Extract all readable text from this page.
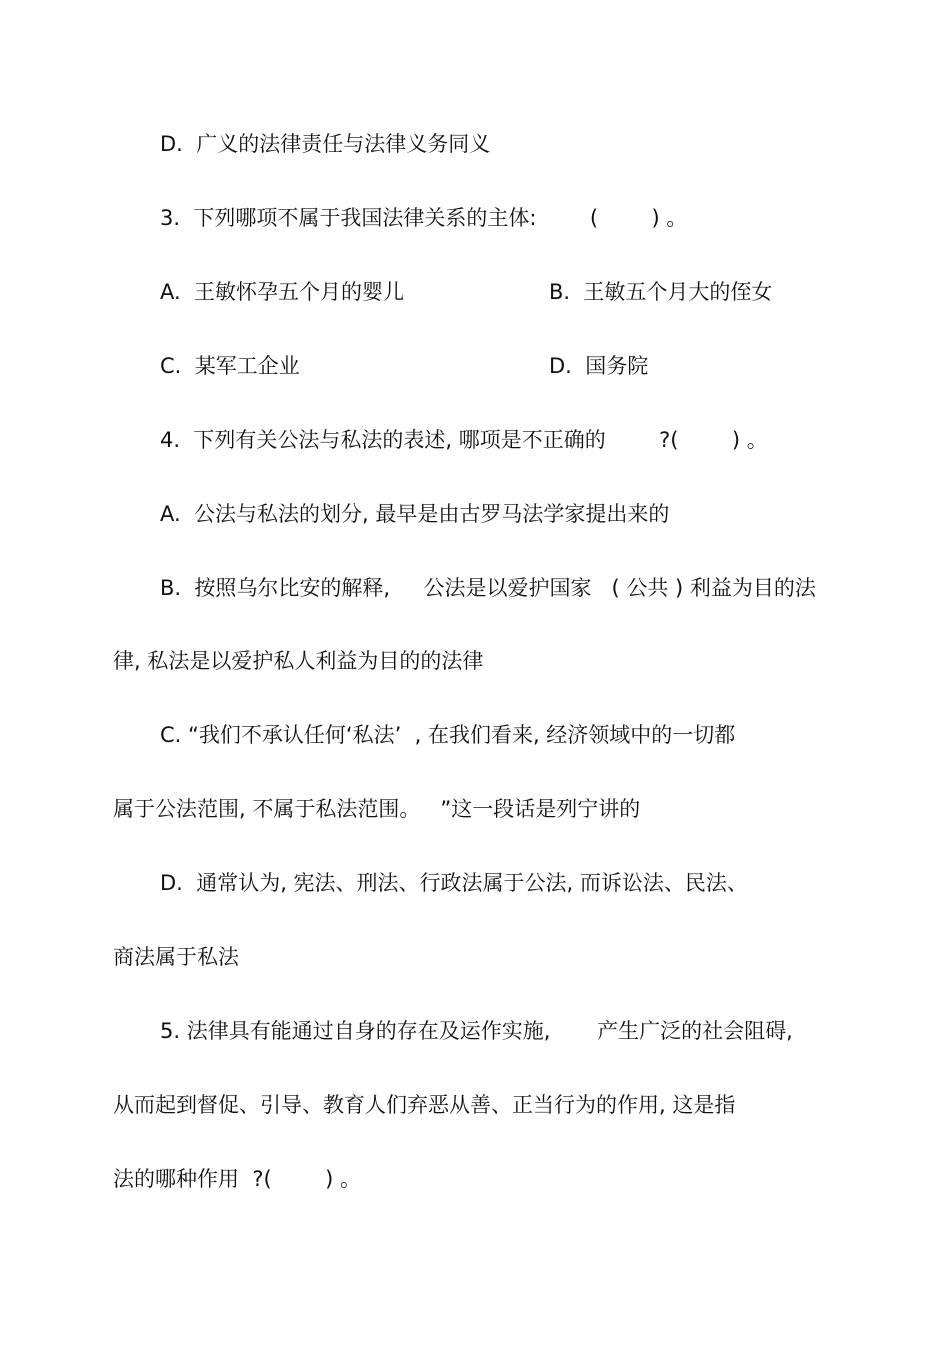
D.  广义的法律责任与法律义务同义
3.  下列哪项不属于我国法律关系的主体:        (        ) 。
A.  王敏怀孕五个月的婴儿	B.  王敏五个月大的侄女
C.  某军工企业	D.  国务院
4.  下列有关公法与私法的表述, 哪项是不正确的        ?(        ) 。
A.  公法与私法的划分, 最早是由古罗马法学家提出来的
B.  按照乌尔比安的解释,     公法是以爱护国家   ( 公共 ) 利益为目的法
律, 私法是以爱护私人利益为目的的法律
C. “我们不承认任何‘私法’  , 在我们看来, 经济领域中的一切都
属于公法范围, 不属于私法范围。   ”这一段话是列宁讲的
D.  通常认为, 宪法、刑法、行政法属于公法, 而诉讼法、民法、
商法属于私法
5. 法律具有能通过自身的存在及运作实施,       产生广泛的社会阻碍,
从而起到督促、引导、教育人们弃恶从善、正当行为的作用, 这是指
法的哪种作用  ?(        ) 。
